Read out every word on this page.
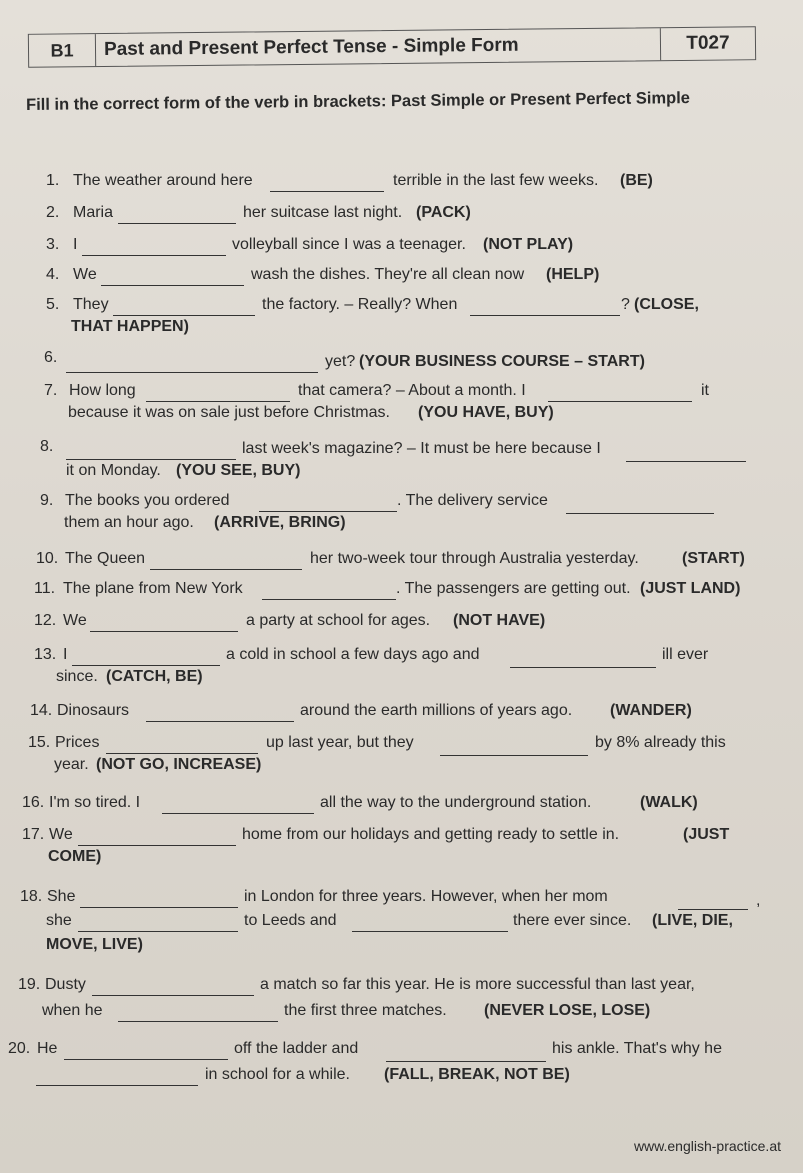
B1	Past and Present Perfect Tense - Simple Form	T027
Fill in the correct form of the verb in brackets: Past Simple or Present Perfect Simple
1. The weather around here	terrible in the last few weeks. (BE)
2. Maria	her suitcase last night. (PACK)
3. I	volleyball since I was a teenager. (NOT PLAY)
4. We	wash the dishes. They're all clean now (HELP)
5. They	the factory. – Really? When	? (CLOSE,
THAT HAPPEN)
6.	yet? (YOUR BUSINESS COURSE – START)
7. How long	that camera? – About a month. I	it
because it was on sale just before Christmas. (YOU HAVE, BUY)
8.	last week's magazine? – It must be here because I
it on Monday. (YOU SEE, BUY)
9. The books you ordered	. The delivery service
them an hour ago. (ARRIVE, BRING)
10. The Queen	her two-week tour through Australia yesterday.	(START)
11. The plane from New York	. The passengers are getting out. (JUST LAND)
12. We	a party at school for ages. (NOT HAVE)
13. I	a cold in school a few days ago and	ill ever
since. (CATCH, BE)
14. Dinosaurs	around the earth millions of years ago. (WANDER)
15. Prices	up last year, but they	by 8% already this
year. (NOT GO, INCREASE)
16. I'm so tired. I	all the way to the underground station.	(WALK)
17. We	home from our holidays and getting ready to settle in.	(JUST
COME)
18. She	in London for three years. However, when her mom	,
she	to Leeds and	there ever since. (LIVE, DIE,
MOVE, LIVE)
19. Dusty	a match so far this year. He is more successful than last year,
when he	the first three matches. (NEVER LOSE, LOSE)
20. He	off the ladder and	his ankle. That's why he
in school for a while. (FALL, BREAK, NOT BE)
www.english-practice.at
